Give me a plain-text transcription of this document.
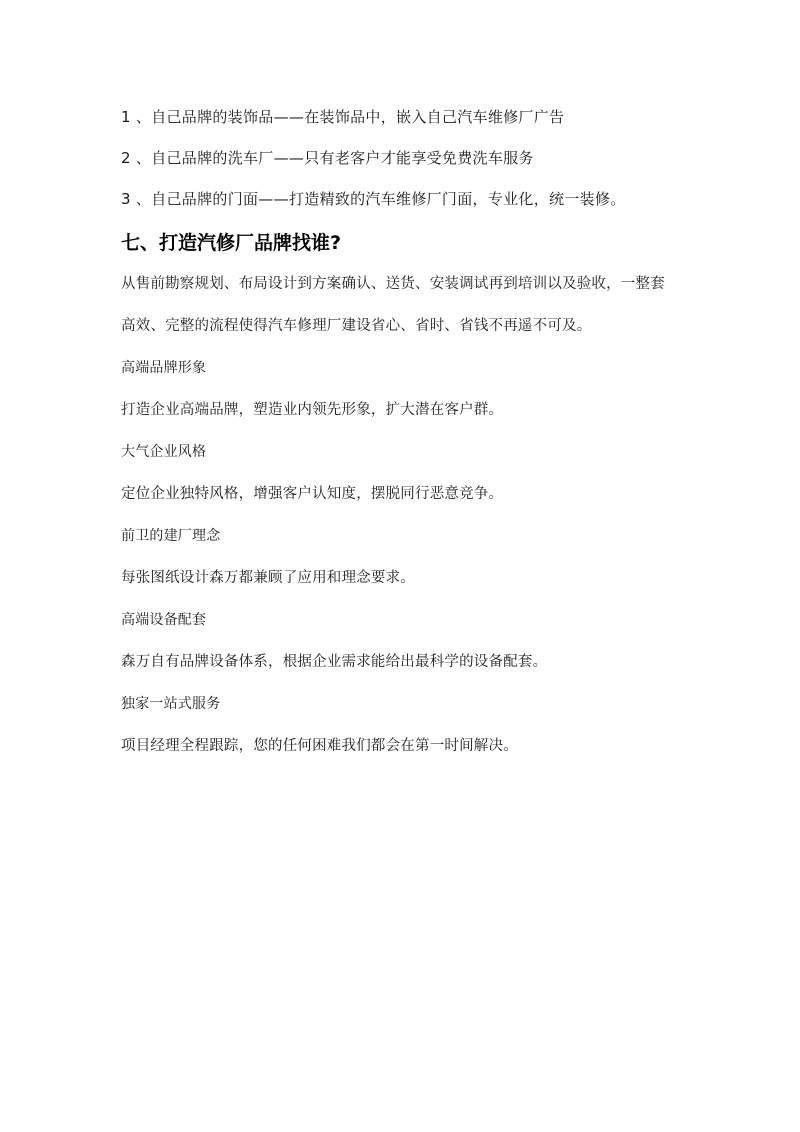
1 、自己品牌的装饰品——在装饰品中，嵌入自己汽车维修厂广告
2 、自己品牌的洗车厂——只有老客户才能享受免费洗车服务
3 、自己品牌的门面——打造精致的汽车维修厂门面，专业化，统一装修。
七、打造汽修厂品牌找谁?
从售前勘察规划、布局设计到方案确认、送货、安装调试再到培训以及验收，一整套
高效、完整的流程使得汽车修理厂建设省心、省时、省钱不再遥不可及。
高端品牌形象
打造企业高端品牌，塑造业内领先形象，扩大潜在客户群。
大气企业风格
定位企业独特风格，增强客户认知度，摆脱同行恶意竞争。
前卫的建厂理念
每张图纸设计森万都兼顾了应用和理念要求。
高端设备配套
森万自有品牌设备体系，根据企业需求能给出最科学的设备配套。
独家一站式服务
项目经理全程跟踪，您的任何困难我们都会在第一时间解决。
